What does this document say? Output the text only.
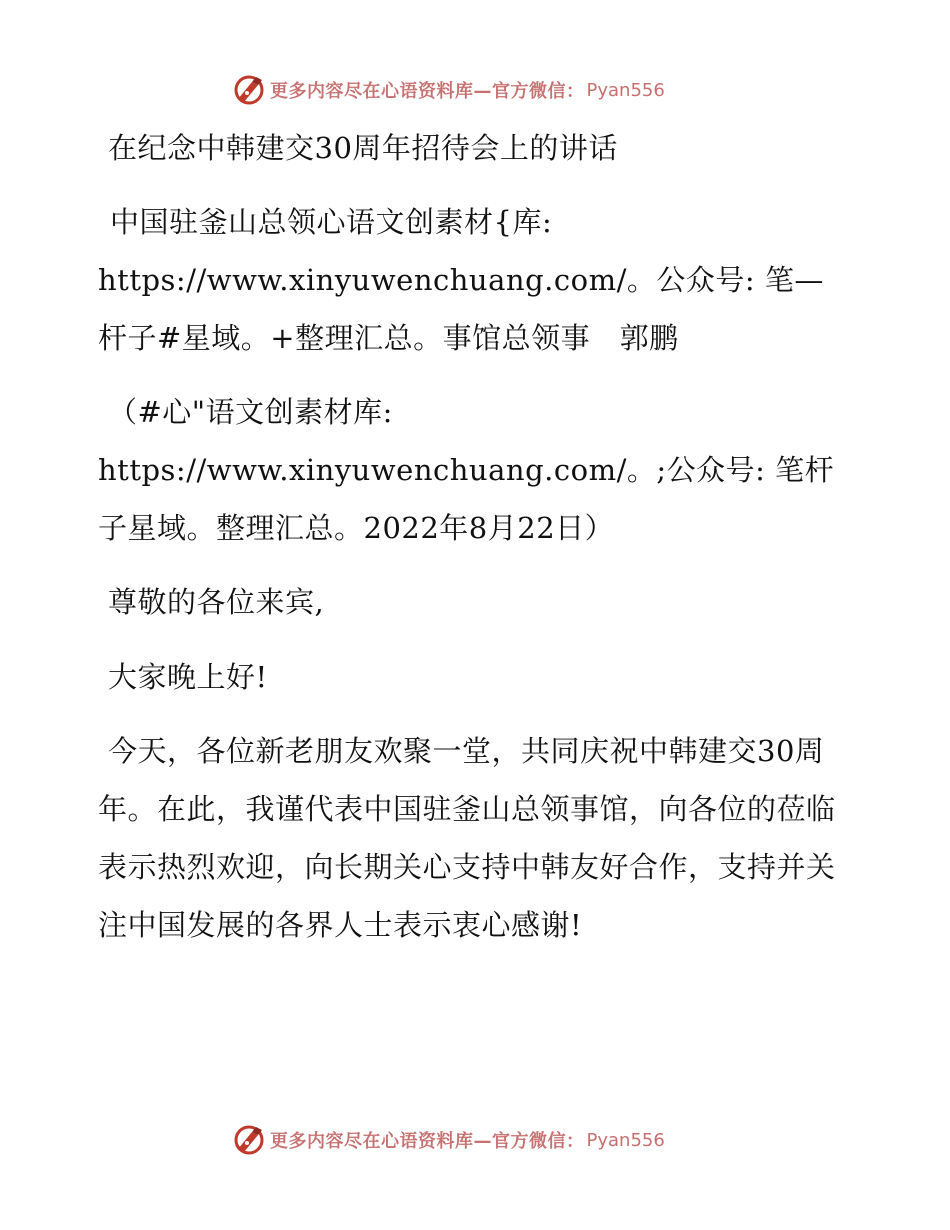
更多内容尽在心语资料库—官方微信： Pyan556

在纪念中韩建交30周年招待会上的讲话

中国驻釜山总领心语文创素材{库: https://www.xinyuwenchuang.com/。公众号: 笔—杆子#星域。+整理汇总。事馆总领事　郭鹏

（#心"语文创素材库: https://www.xinyuwenchuang.com/。;公众号: 笔杆子星域。整理汇总。2022年8月22日）

尊敬的各位来宾,

大家晚上好!

今天，各位新老朋友欢聚一堂，共同庆祝中韩建交30周年。在此，我谨代表中国驻釜山总领事馆，向各位的莅临表示热烈欢迎，向长期关心支持中韩友好合作，支持并关注中国发展的各界人士表示衷心感谢!

更多内容尽在心语资料库—官方微信： Pyan556
